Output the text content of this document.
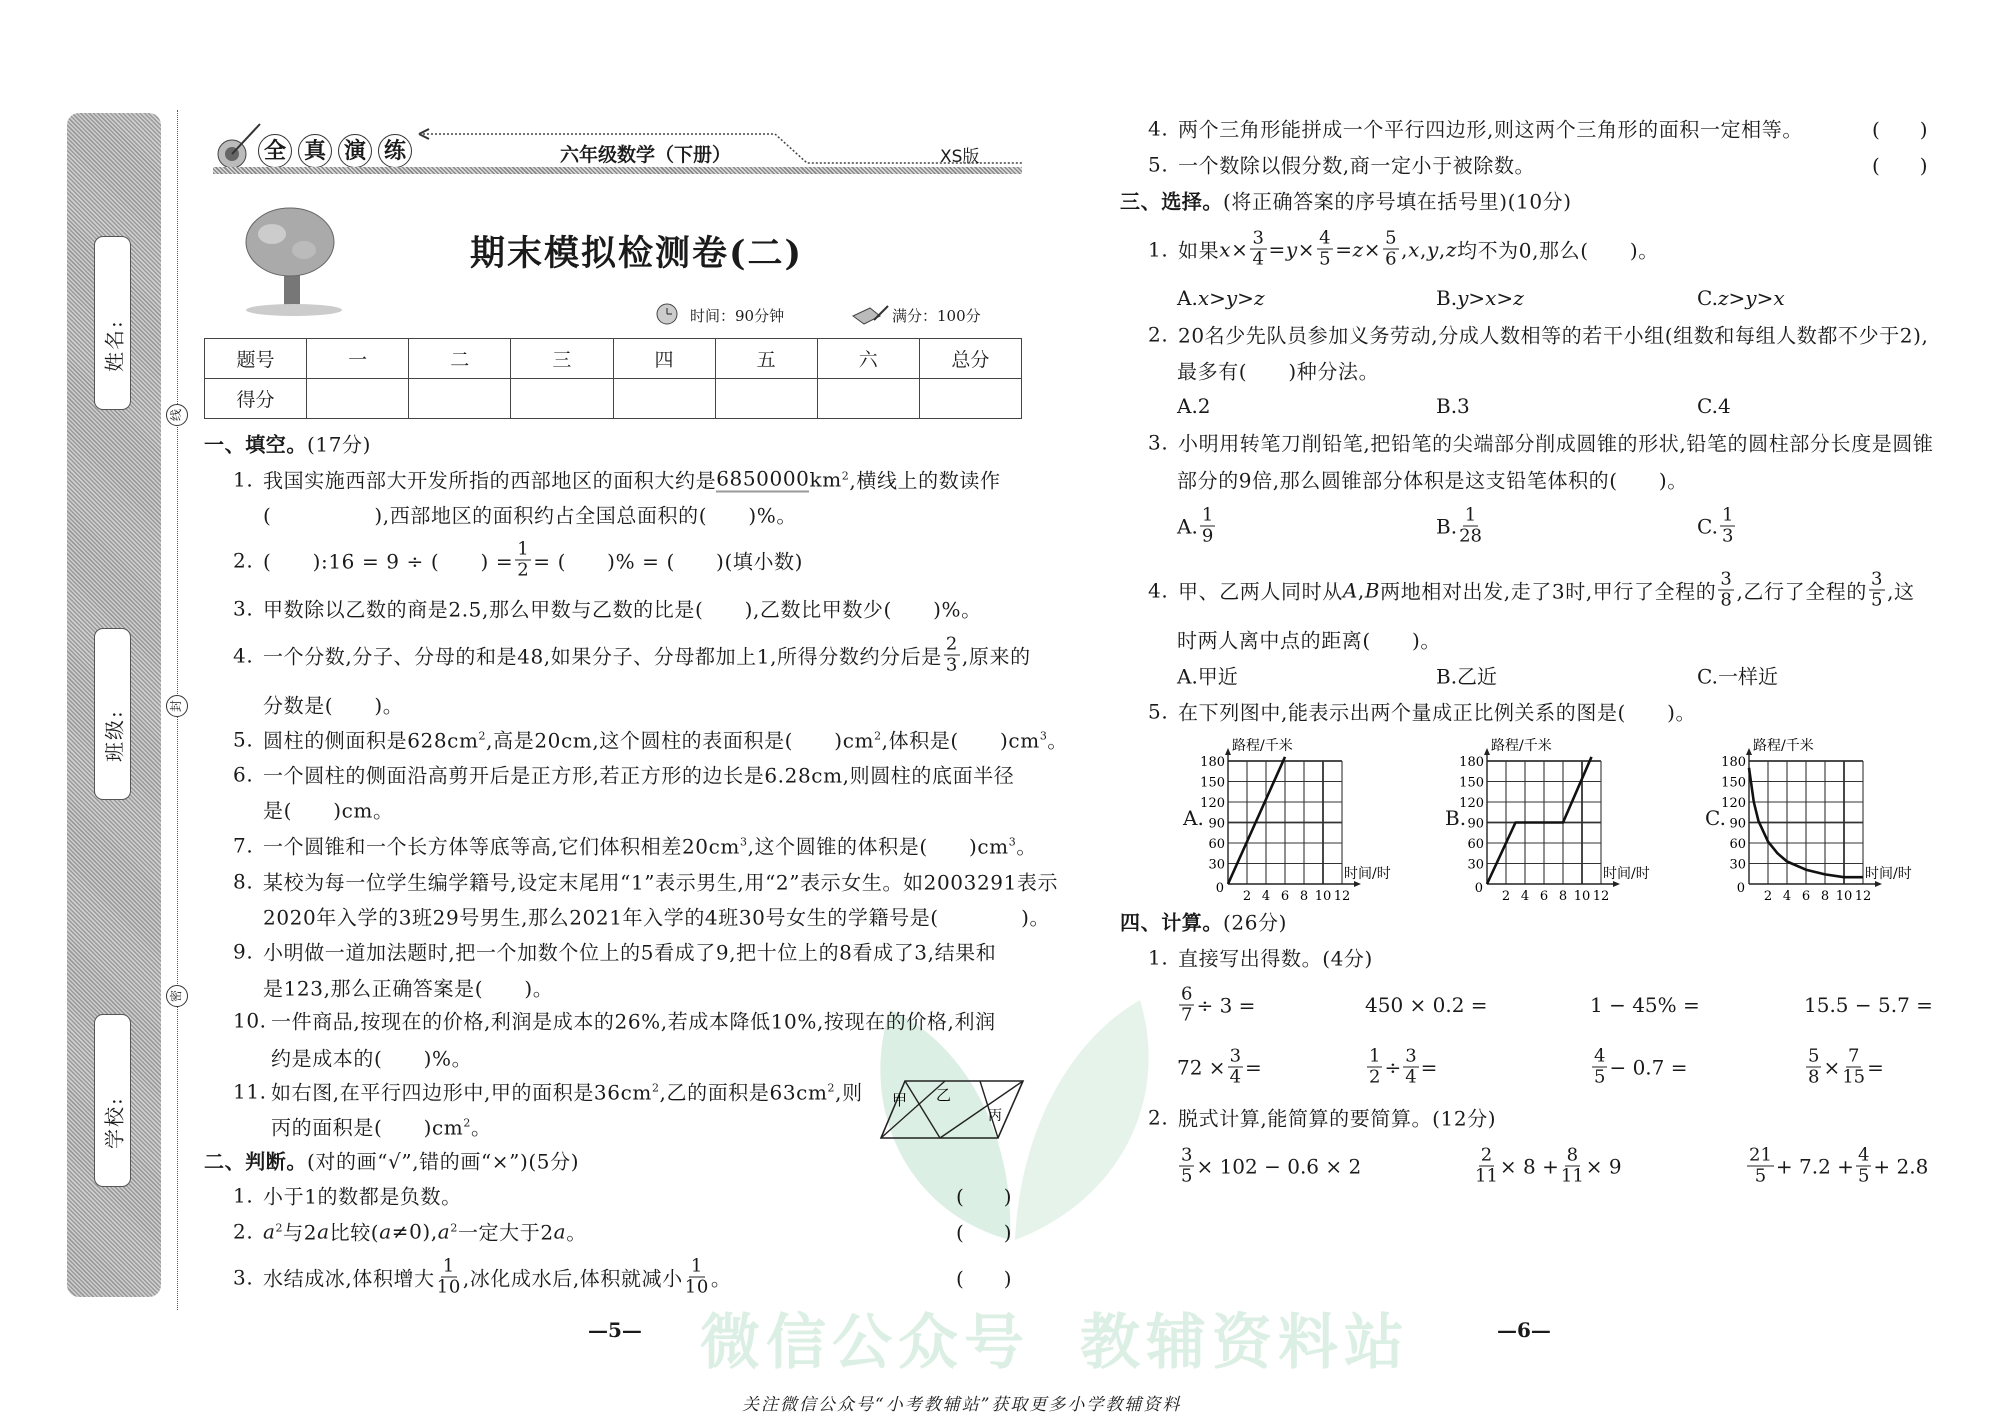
姓名:
班级:
学校:
线
封
密
全 真 演 练	六年级数学（下册）	XS版
期末模拟检测卷(二)
时间：90分钟	满分：100分
题号	一	二	三	四	五	六	总分
得分							
微信公众号 教辅资料站
一、填空。 (17分)
1. 我国实施西部大开发所指的西部地区的面积大约是 6850000 $km^2$ ,横线上的数读作
(　　　　　),西部地区的面积约占全国总面积的(　　)%。
2. (　　):16 = 9 ÷ (　　) = $\frac{1}{2}$ = (　　)% = (　　)(填小数)
3. 甲数除以乙数的商是2.5,那么甲数与乙数的比是(　　),乙数比甲数少(　　)%。
4. 一个分数,分子、分母的和是48,如果分子、分母都加上1,所得分数约分后是 $\frac{2}{3}$ ,原来的
分数是(　　)。
5. 圆柱的侧面积是$628cm^2$ ,高是20cm,这个圆柱的表面积是(　　)$cm^2$ ,体积是(　　)$cm^3$ 。
6. 一个圆柱的侧面沿高剪开后是正方形,若正方形的边长是6.28cm,则圆柱的底面半径
是(　　)cm。
7. 一个圆锥和一个长方体等底等高,它们体积相差$20cm^3$ ,这个圆锥的体积是(　　)$cm^3$ 。
8. 某校为每一位学生编学籍号,设定末尾用“1”表示男生,用“2”表示女生。如2003291表示
2020年入学的3班29号男生,那么2021年入学的4班30号女生的学籍号是(　　　　)。
9. 小明做一道加法题时,把一个加数个位上的5看成了9,把十位上的8看成了3,结果和
是123,那么正确答案是(　　)。
10. 一件商品,按现在的价格,利润是成本的26%,若成本降低10%,按现在的价格,利润
约是成本的(　　)%。
11. 如右图,在平行四边形中,甲的面积是$36cm^2$ ,乙的面积是$63cm^2$ ,则
丙的面积是(　　)$cm^2$ 。
甲 乙
丙
二、判断。 (对的画“√”,错的画“×”)(5分)
1. 小于1的数都是负数。	(　　)
2. $a^2$ 与2 a 比较( a ≠0), $a^2$ 一定大于2 a 。	(　　)
3. 水结成冰,体积增大 $\frac{1}{10}$ ,冰化成水后,体积就减小 $\frac{1}{10}$ 。	(　　)
—5—
4. 两个三角形能拼成一个平行四边形,则这两个三角形的面积一定相等。	(　　)
5. 一个数除以假分数,商一定小于被除数。	(　　)
三、选择。 (将正确答案的序号填在括号里)(10分)
1. 如果 $x \times \frac{3}{4} = y \times \frac{4}{5} = z \times \frac{5}{6}$ , x , y , z 均不为0,那么(　　)。
A. x > y > z	B. y > x > z	C. z > y > x
2. 20名少先队员参加义务劳动,分成人数相等的若干小组(组数和每组人数都不少于2),
最多有(　　)种分法。
A.2	B.3	C.4
3. 小明用转笔刀削铅笔,把铅笔的尖端部分削成圆锥的形状,铅笔的圆柱部分长度是圆锥
部分的9倍,那么圆锥部分体积是这支铅笔体积的(　　)。
A. $\frac{1}{9}$	B. $\frac{1}{28}$	C. $\frac{1}{3}$
4. 甲、乙两人同时从 A , B 两地相对出发,走了3时,甲行了全程的 $\frac{3}{8}$ ,乙行了全程的 $\frac{3}{5}$ ,这
时两人离中点的距离(　　)。
A.甲近	B.乙近	C.一样近
5. 在下列图中,能表示出两个量成正比例关系的图是(　　)。
A.
30
60
90
120
150
180
2 4 6 8 10 12
0
路程/千米
时间/时
B.
30
60
90
120
150
180
2 4 6 8 10 12
0
路程/千米
时间/时
C.
30
60
90
120
150
180
2 4 6 8 10 12
0
路程/千米
时间/时
四、计算。 (26分)
1. 直接写出得数。(4分)
$\frac{6}{7} \div 3$ =	450 × 0.2 =	1 − 45% =	15.5 − 5.7 =
$72 \times \frac{3}{4}$ =	$\frac{1}{2} \div \frac{3}{4}$ =	$\frac{4}{5} - 0.7$ =	$\frac{5}{8} \times \frac{7}{15}$ =
2. 脱式计算,能简算的要简算。(12分)
$\frac{3}{5} \times 102 - 0.6 \times 2$	$\frac{2}{11} \times 8 + \frac{8}{11} \times 9$	$\frac{21}{5} + 7.2 + \frac{4}{5} + 2.8$
—6—
关注微信公众号“小考教辅站”获取更多小学教辅资料
